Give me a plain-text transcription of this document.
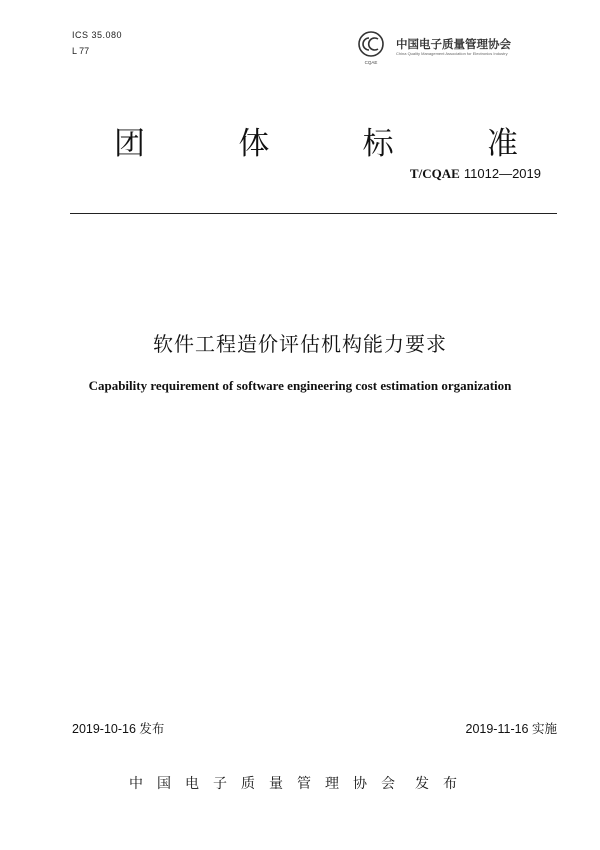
ICS 35.080
L 77
CQAE
中国电子质量管理协会
China Quality Management Association for Electronics Industry
团	体	标	准
T/CQAE 11012—2019
软件工程造价评估机构能力要求
Capability requirement of software engineering cost estimation organization
2019-10-16 发布	2019-11-16 实施
中国电子质量管理协会 发布
